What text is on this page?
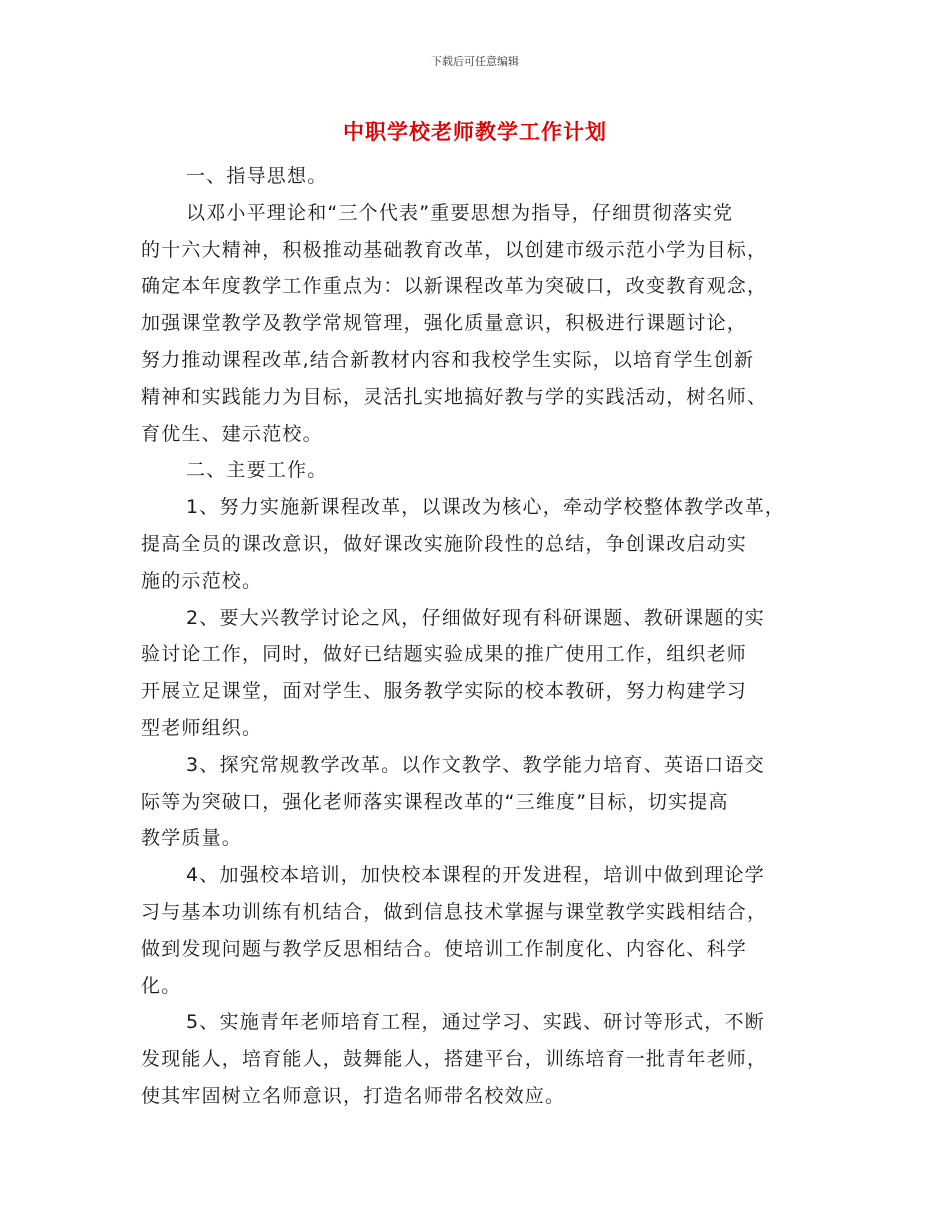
下载后可任意编辑
中职学校老师教学工作计划
一、指导思想。
以邓小平理论和“三个代表”重要思想为指导，仔细贯彻落实党
的十六大精神，积极推动基础教育改革，以创建市级示范小学为目标，
确定本年度教学工作重点为：以新课程改革为突破口，改变教育观念，
加强课堂教学及教学常规管理，强化质量意识，积极进行课题讨论，
努力推动课程改革,结合新教材内容和我校学生实际，以培育学生创新
精神和实践能力为目标，灵活扎实地搞好教与学的实践活动，树名师、
育优生、建示范校。
二、主要工作。
1、努力实施新课程改革，以课改为核心，牵动学校整体教学改革，
提高全员的课改意识，做好课改实施阶段性的总结，争创课改启动实
施的示范校。
2、要大兴教学讨论之风，仔细做好现有科研课题、教研课题的实
验讨论工作，同时，做好已结题实验成果的推广使用工作，组织老师
开展立足课堂，面对学生、服务教学实际的校本教研，努力构建学习
型老师组织。
3、探究常规教学改革。以作文教学、教学能力培育、英语口语交
际等为突破口，强化老师落实课程改革的“三维度”目标，切实提高
教学质量。
4、加强校本培训，加快校本课程的开发进程，培训中做到理论学
习与基本功训练有机结合，做到信息技术掌握与课堂教学实践相结合，
做到发现问题与教学反思相结合。使培训工作制度化、内容化、科学
化。
5、实施青年老师培育工程，通过学习、实践、研讨等形式，不断
发现能人，培育能人，鼓舞能人，搭建平台，训练培育一批青年老师，
使其牢固树立名师意识，打造名师带名校效应。
